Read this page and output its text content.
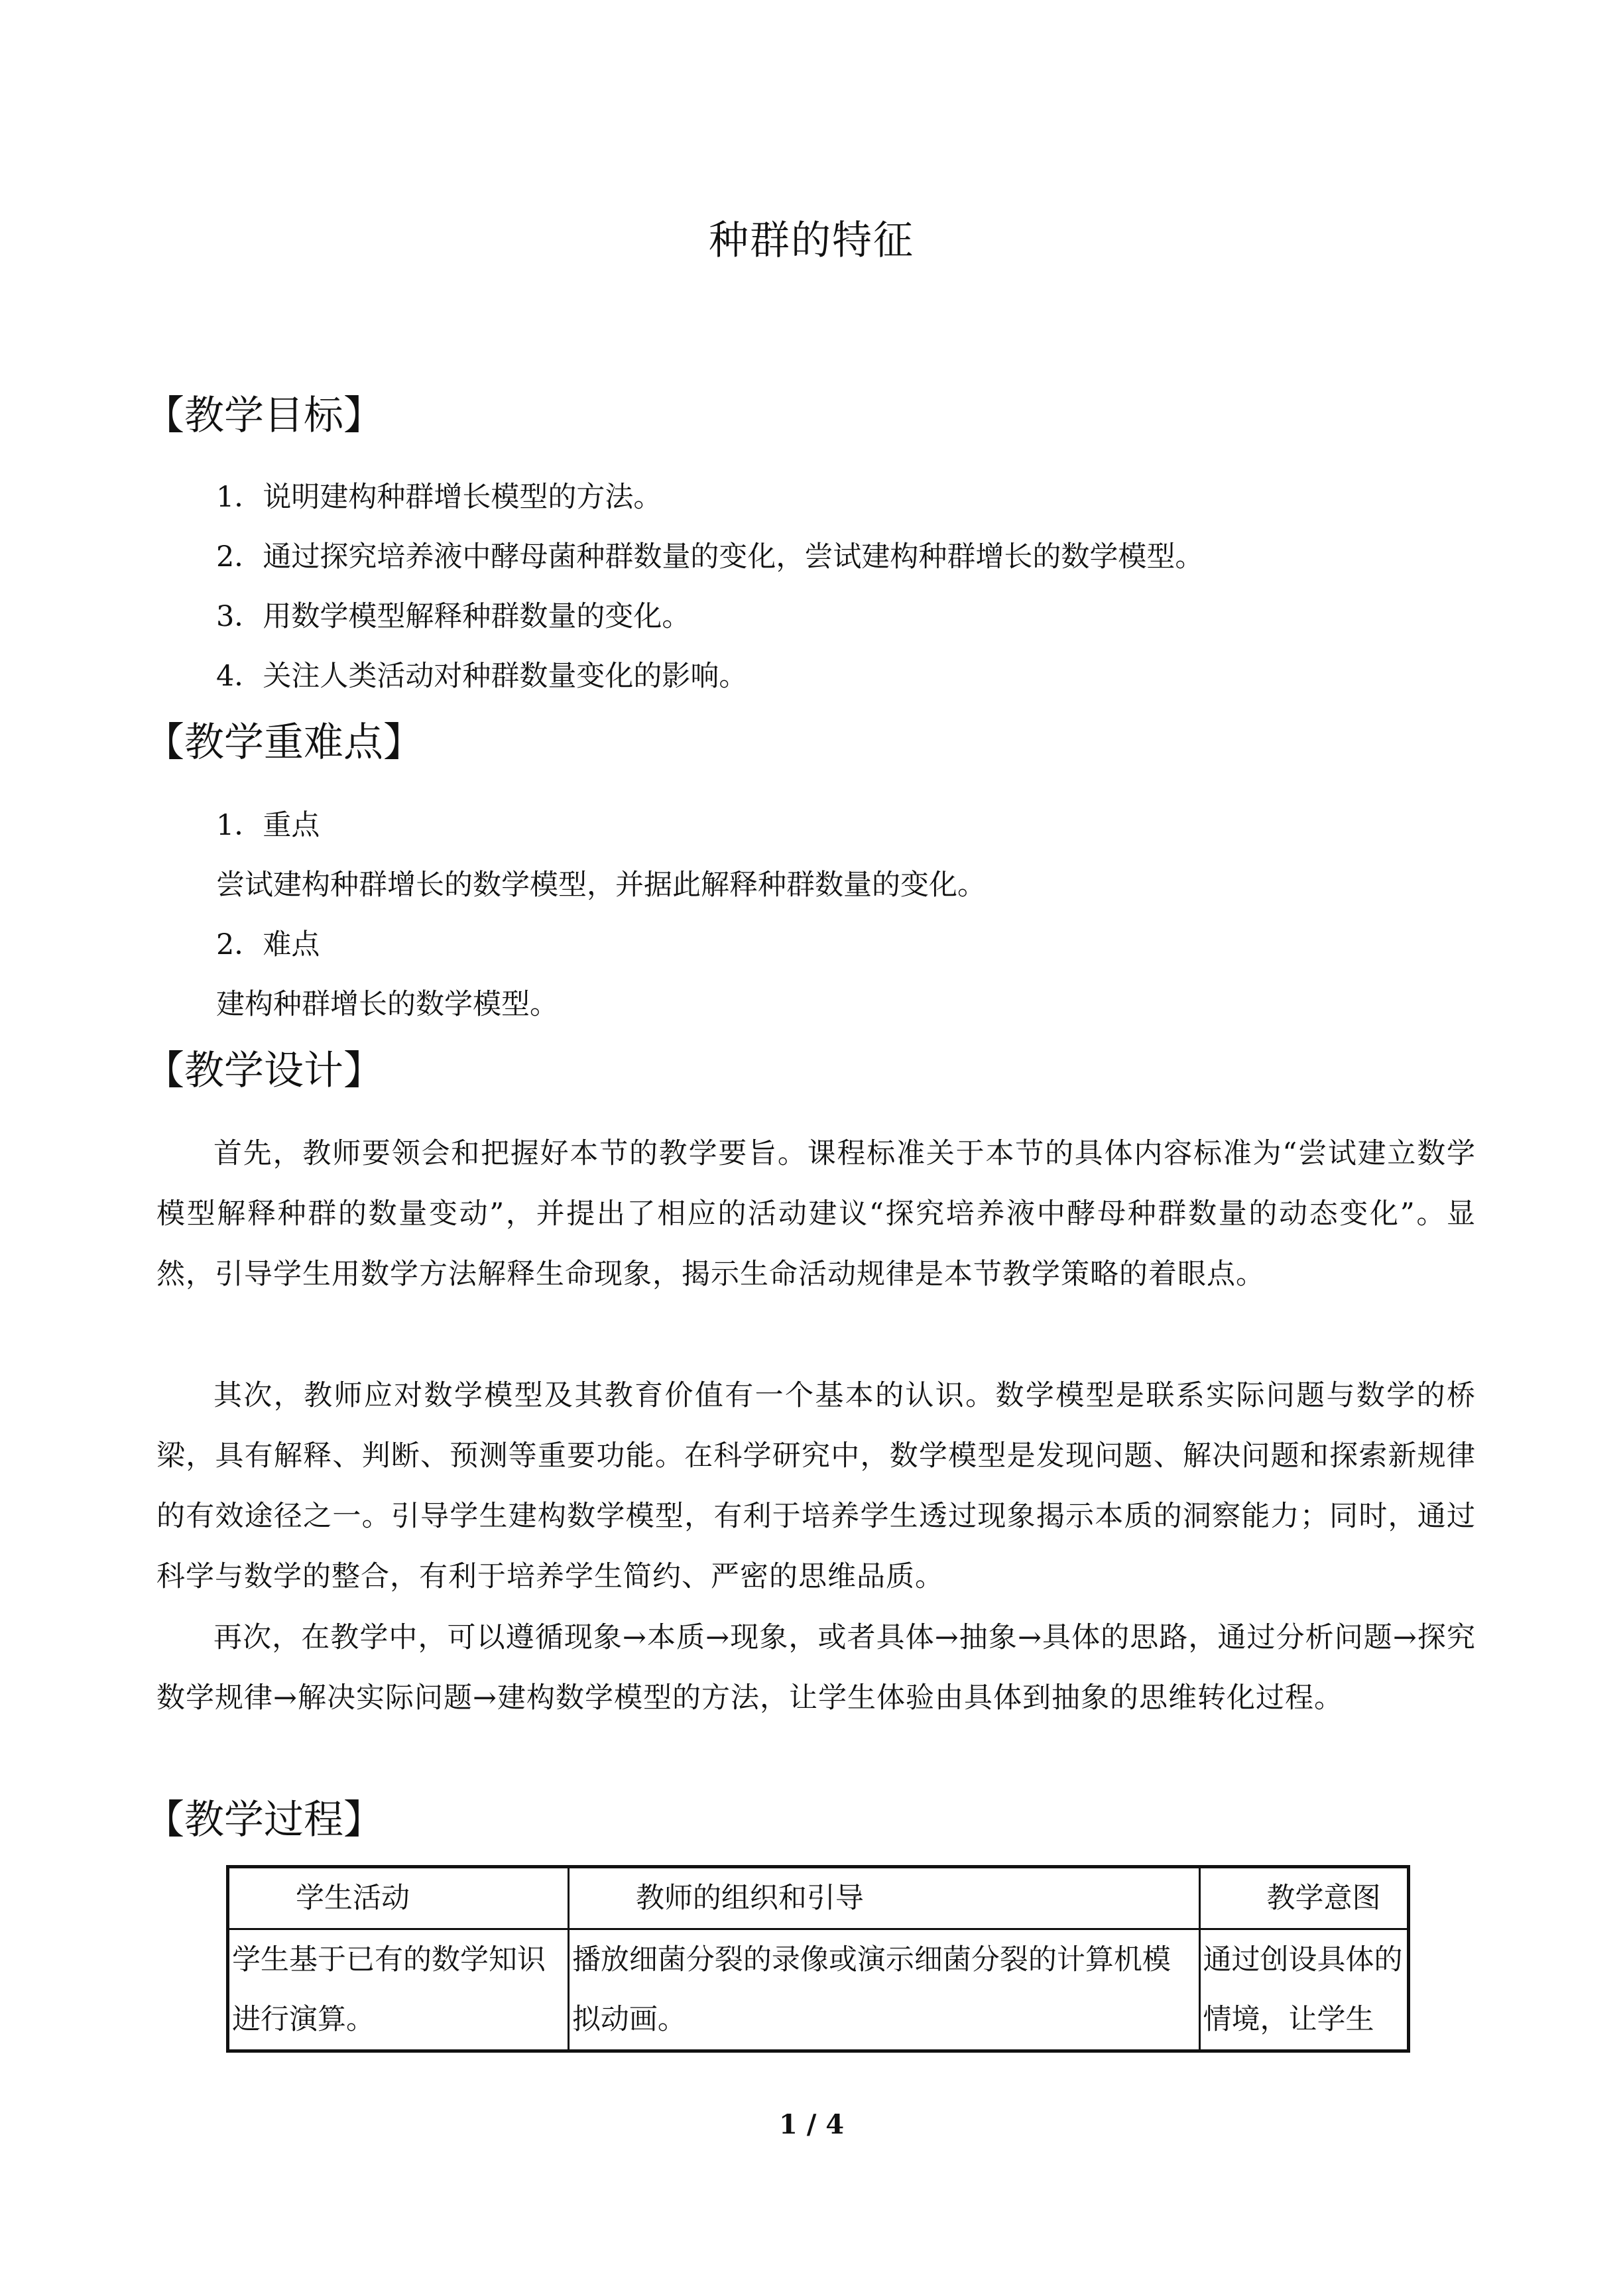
种群的特征
【教学目标】
1．说明建构种群增长模型的方法。
2．通过探究培养液中酵母菌种群数量的变化，尝试建构种群增长的数学模型。
3．用数学模型解释种群数量的变化。
4．关注人类活动对种群数量变化的影响。
【教学重难点】
1．重点
尝试建构种群增长的数学模型，并据此解释种群数量的变化。
2．难点
建构种群增长的数学模型。
【教学设计】
首先，教师要领会和把握好本节的教学要旨。课程标准关于本节的具体内容标准为“尝试建立数学模型解释种群的数量变动”，并提出了相应的活动建议“探究培养液中酵母种群数量的动态变化”。显然，引导学生用数学方法解释生命现象，揭示生命活动规律是本节教学策略的着眼点。
其次，教师应对数学模型及其教育价值有一个基本的认识。数学模型是联系实际问题与数学的桥梁，具有解释、判断、预测等重要功能。在科学研究中，数学模型是发现问题、解决问题和探索新规律的有效途径之一。引导学生建构数学模型，有利于培养学生透过现象揭示本质的洞察能力；同时，通过科学与数学的整合，有利于培养学生简约、严密的思维品质。
再次，在教学中，可以遵循现象→本质→现象，或者具体→抽象→具体的思路，通过分析问题→探究数学规律→解决实际问题→建构数学模型的方法，让学生体验由具体到抽象的思维转化过程。
【教学过程】
学生活动	教师的组织和引导	教学意图
学生基于已有的数学知识进行演算。	播放细菌分裂的录像或演示细菌分裂的计算机模拟动画。	通过创设具体的情境，让学生
1 / 4
